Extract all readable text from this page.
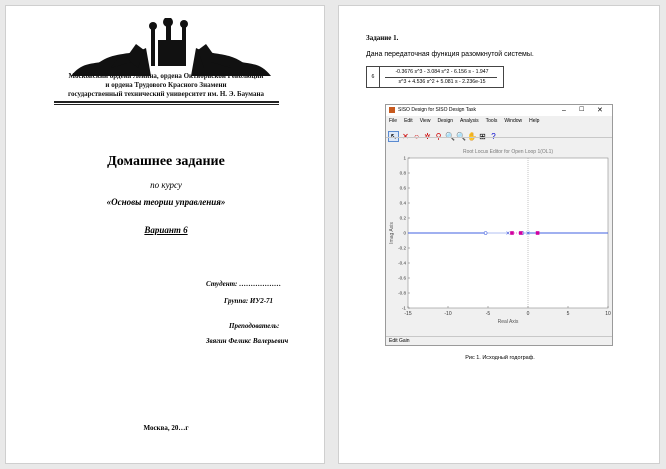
Московский ордена Ленина, ордена Октябрьской Революции
и ордена Трудового Красного Знамени
государственный технический университет им. Н. Э. Баумана
Домашнее задание
по курсу
«Основы теории управления»
Вариант 6
Студент: ………………
Группа: ИУ2-71
Преподователь:
Звягин Феликс Валерьевич
Москва, 20…г
Задание 1.
Дана передаточная функция разомкнутой системы.
6
-0.3676 s^3 - 3.084 s^2 - 6.156 s - 1.947
s^3 + 4.536 s^2 + 5.081 s - 2.236e-15
SISO Design for SISO Design Task	– ☐ ✕
File Edit View Design Analysis Tools Window Help
Root Locus Editor for Open Loop 1(OL1)
-15	-10	-5	0	5	10
-1
-0.8
-0.6
-0.4
-0.2
0
0.2
0.4
0.6
0.8
1
Real Axis
Imag Axis
Edit Gain
Рис 1. Исходный годограф.
